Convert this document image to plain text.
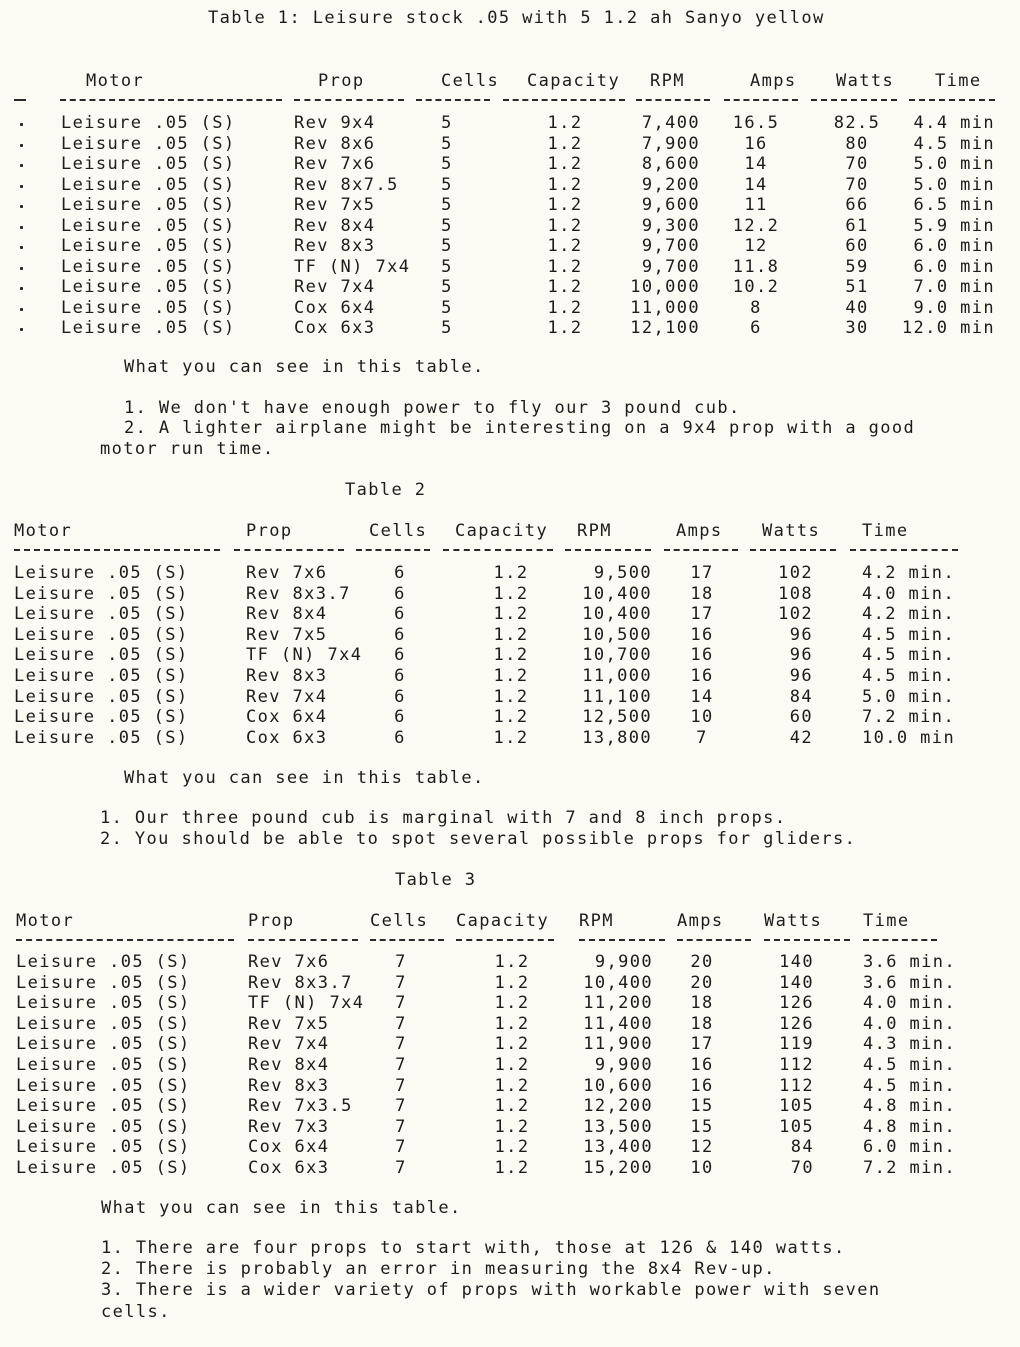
Table 1: Leisure stock .05 with 5 1.2 ah Sanyo yellow
Motor	Prop	Cells Capacity RPM	Amps Watts Time
Leisure .05 (S)	Rev 9x4	5	1.2	7,400	16.5	82.5	4.4 min
Leisure .05 (S)	Rev 8x6	5	1.2	7,900	16	80	4.5 min
Leisure .05 (S)	Rev 7x6	5	1.2	8,600	14	70	5.0 min
Leisure .05 (S)	Rev 8x7.5	5	1.2	9,200	14	70	5.0 min
Leisure .05 (S)	Rev 7x5	5	1.2	9,600	11	66	6.5 min
Leisure .05 (S)	Rev 8x4	5	1.2	9,300	12.2	61	5.9 min
Leisure .05 (S)	Rev 8x3	5	1.2	9,700	12	60	6.0 min
Leisure .05 (S)	TF (N) 7x4	5	1.2	9,700	11.8	59	6.0 min
Leisure .05 (S)	Rev 7x4	5	1.2	10,000	10.2	51	7.0 min
Leisure .05 (S)	Cox 6x4	5	1.2	11,000	8	40	9.0 min
Leisure .05 (S)	Cox 6x3	5	1.2	12,100	6	30	12.0 min
What you can see in this table.
1. We don't have enough power to fly our 3 pound cub.
2. A lighter airplane might be interesting on a 9x4 prop with a good
motor run time.
Table 2
Motor	Prop	Cells Capacity RPM	Amps Watts Time
Leisure .05 (S)	Rev 7x6	6	1.2	9,500	17	102	4.2 min.
Leisure .05 (S)	Rev 8x3.7	6	1.2	10,400	18	108	4.0 min.
Leisure .05 (S)	Rev 8x4	6	1.2	10,400	17	102	4.2 min.
Leisure .05 (S)	Rev 7x5	6	1.2	10,500	16	96	4.5 min.
Leisure .05 (S)	TF (N) 7x4	6	1.2	10,700	16	96	4.5 min.
Leisure .05 (S)	Rev 8x3	6	1.2	11,000	16	96	4.5 min.
Leisure .05 (S)	Rev 7x4	6	1.2	11,100	14	84	5.0 min.
Leisure .05 (S)	Cox 6x4	6	1.2	12,500	10	60	7.2 min.
Leisure .05 (S)	Cox 6x3	6	1.2	13,800	7	42	10.0 min
What you can see in this table.
1. Our three pound cub is marginal with 7 and 8 inch props.
2. You should be able to spot several possible props for gliders.
Table 3
Motor	Prop	Cells Capacity RPM	Amps Watts Time
Leisure .05 (S)	Rev 7x6	7	1.2	9,900	20	140	3.6 min.
Leisure .05 (S)	Rev 8x3.7	7	1.2	10,400	20	140	3.6 min.
Leisure .05 (S)	TF (N) 7x4	7	1.2	11,200	18	126	4.0 min.
Leisure .05 (S)	Rev 7x5	7	1.2	11,400	18	126	4.0 min.
Leisure .05 (S)	Rev 7x4	7	1.2	11,900	17	119	4.3 min.
Leisure .05 (S)	Rev 8x4	7	1.2	9,900	16	112	4.5 min.
Leisure .05 (S)	Rev 8x3	7	1.2	10,600	16	112	4.5 min.
Leisure .05 (S)	Rev 7x3.5	7	1.2	12,200	15	105	4.8 min.
Leisure .05 (S)	Rev 7x3	7	1.2	13,500	15	105	4.8 min.
Leisure .05 (S)	Cox 6x4	7	1.2	13,400	12	84	6.0 min.
Leisure .05 (S)	Cox 6x3	7	1.2	15,200	10	70	7.2 min.
What you can see in this table.
1. There are four props to start with, those at 126 & 140 watts.
2. There is probably an error in measuring the 8x4 Rev-up.
3. There is a wider variety of props with workable power with seven
cells.
